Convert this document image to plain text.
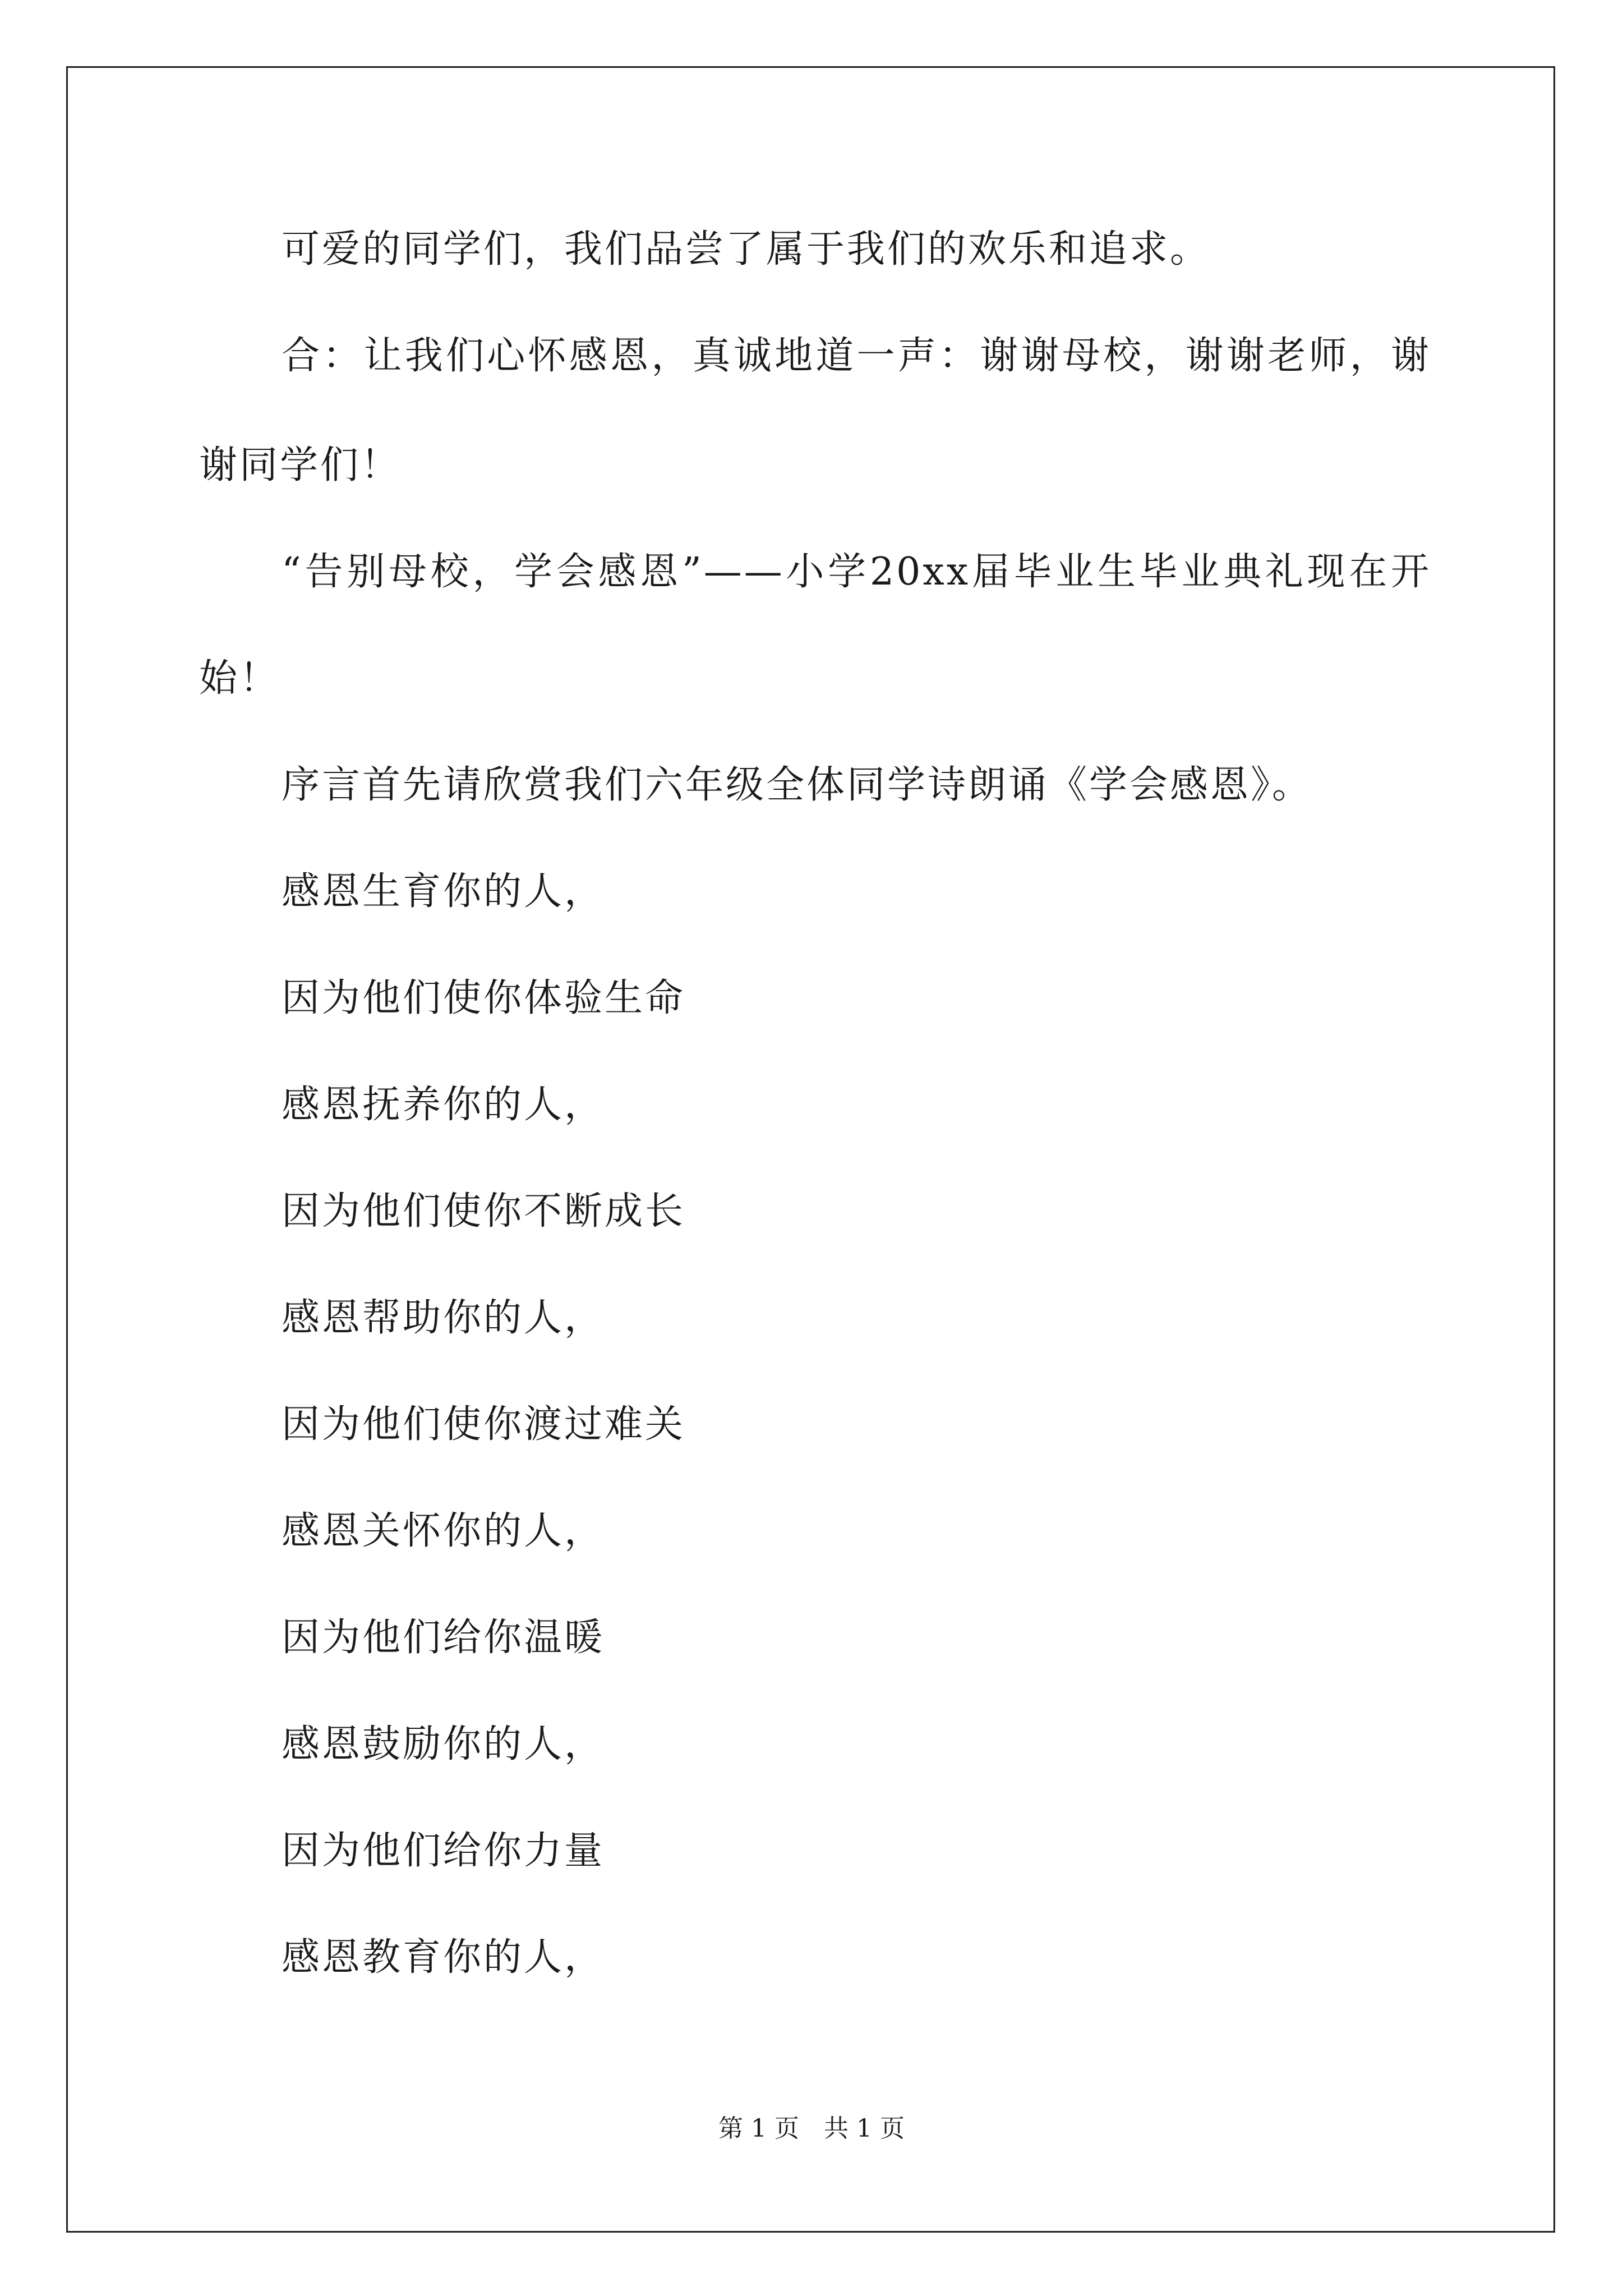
可爱的同学们，我们品尝了属于我们的欢乐和追求。
合：让我们心怀感恩，真诚地道一声：谢谢母校，谢谢老师，谢
谢同学们！
“告别母校，学会感恩”——小学20xx届毕业生毕业典礼现在开
始！
序言首先请欣赏我们六年级全体同学诗朗诵《学会感恩》。
感恩生育你的人，
因为他们使你体验生命
感恩抚养你的人，
因为他们使你不断成长
感恩帮助你的人，
因为他们使你渡过难关
感恩关怀你的人，
因为他们给你温暖
感恩鼓励你的人，
因为他们给你力量
感恩教育你的人，
第 1 页　共 1 页
